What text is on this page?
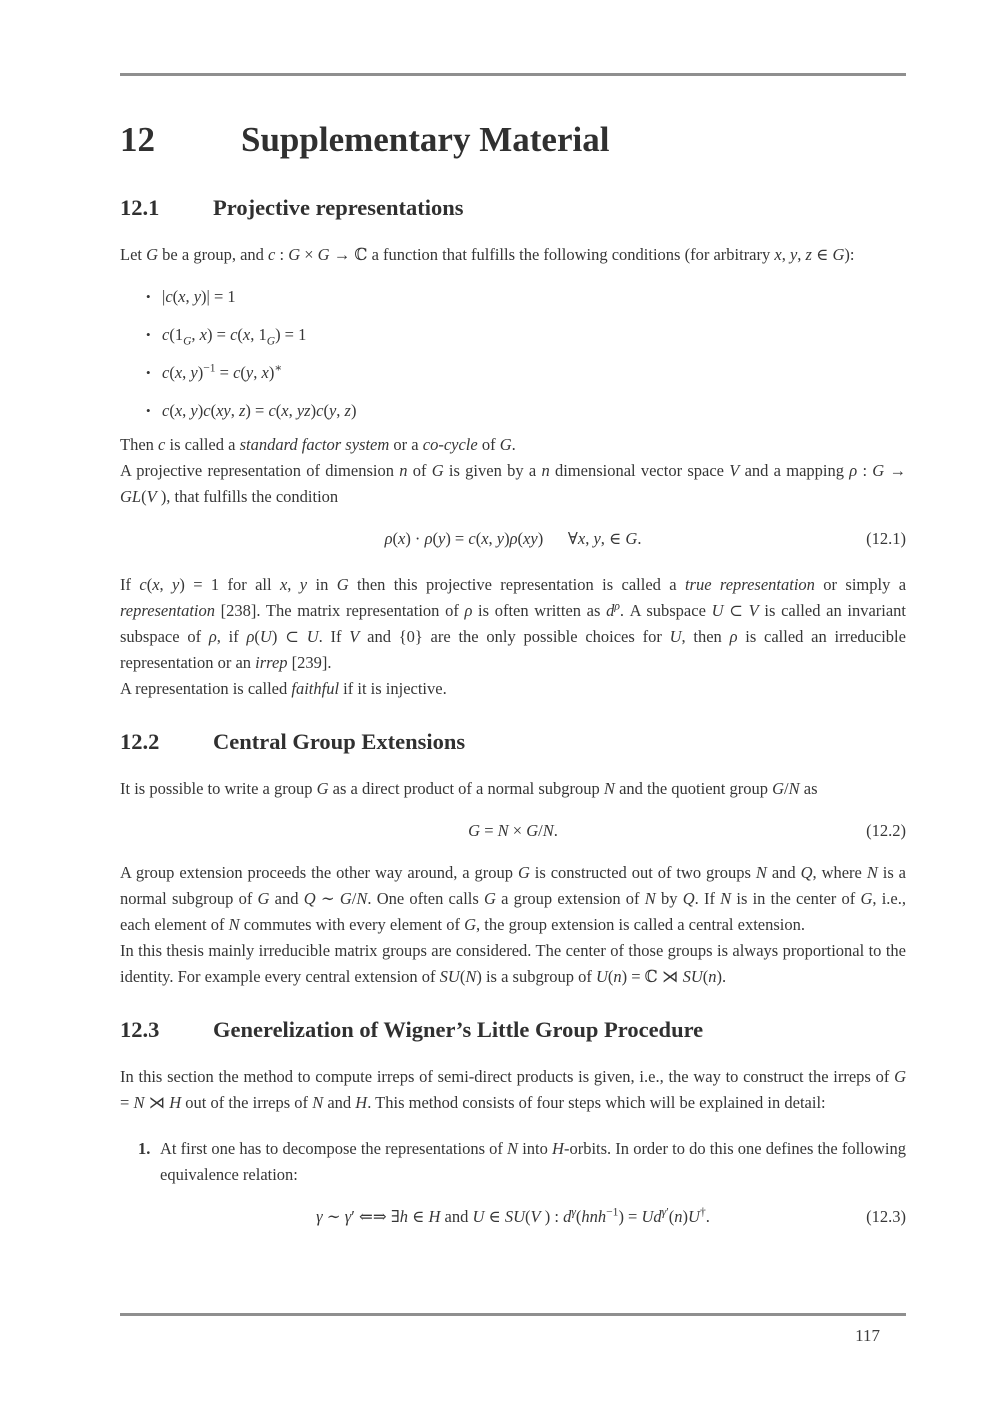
12	Supplementary Material
12.1	Projective representations

Let G be a group, and c : G × G → ℂ a function that fulfills the following conditions (for arbitrary x, y, z ∈ G):

• |c(x, y)| = 1
• $c(1_G$, x) = c(x, $1_G) = 1$
• c(x, y)$^{-1}$ = c(y, x)∗
• c(x, y)c(xy, z) = c(x, yz)c(y, z)

Then c is called a standard factor system or a co-cycle of G.

A projective representation of dimension n of G is given by a n dimensional vector space V and a mapping ρ : G → GL(V ), that fulfills the condition

ρ(x) · ρ(y) = c(x, y)ρ(xy)  ∀x, y, ∈ G.	(12.1)

If c(x, y) = 1 for all x, y in G then this projective representation is called a true representation or simply a representation [238]. The matrix representation of ρ is often written as $d^\rho$. A subspace U ⊂ V is called an invariant subspace of ρ, if ρ(U) ⊂ U. If V and {0} are the only possible choices for U, then ρ is called an irreducible representation or an irrep [239].

A representation is called faithful if it is injective.

12.2	Central Group Extensions

It is possible to write a group G as a direct product of a normal subgroup N and the quotient group G/N as

G = N × G/N.	(12.2)

A group extension proceeds the other way around, a group G is constructed out of two groups N and Q, where N is a normal subgroup of G and Q ∼ G/N. One often calls G a group extension of N by Q. If N is in the center of G, i.e., each element of N commutes with every element of G, the group extension is called a central extension.

In this thesis mainly irreducible matrix groups are considered. The center of those groups is always proportional to the identity. For example every central extension of SU(N) is a subgroup of U(n) = ℂ ⋊ SU(n).

12.3	Generelization of Wigner’s Little Group Procedure

In this section the method to compute irreps of semi-direct products is given, i.e., the way to construct the irreps of G = N ⋊ H out of the irreps of N and H. This method consists of four steps which will be explained in detail:

1. At first one has to decompose the representations of N into H-orbits. In order to do this one defines the following equivalence relation:
γ ∼ γ′ ⇐⇒ ∃h ∈ H and U ∈ SU(V ) : $d^\gamma(hnh^{-1}) = Ud^{\gamma'}(n)U^\dagger$.	(12.3)
117
